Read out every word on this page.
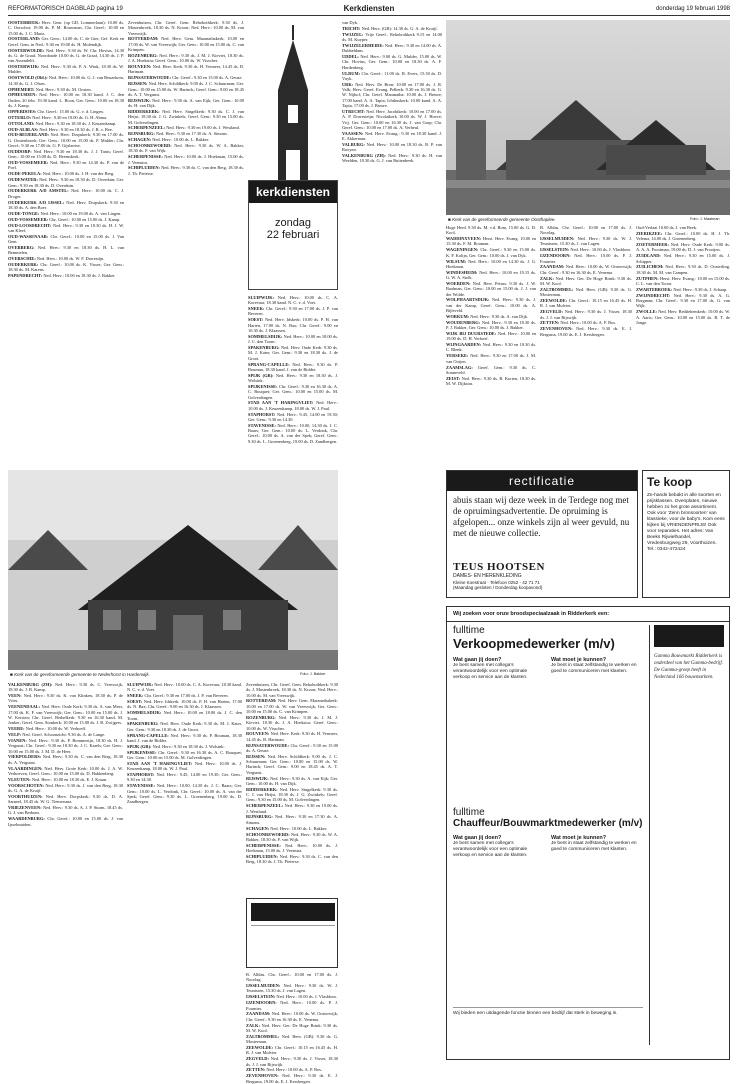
REFORMATORISCH DAGBLAD pagina 19	Kerkdiensten	donderdag 19 februari 1998

OOSTERBEEK: Herv. Gem. (op GD, Lommerlaan): 10.00 ds. C. Oorschot; 19.00 ds. P. M. Bouwman, Chr. Geref.: 10.00 en 15.00 ds. J. C. Maris.

OOSTERLAND: Ger. Gem.: 14.00 ds. C. de Gier, Gef. Kerk en Geref. Gem. in Ned.: 9.30 en 19.00 ds. H. Molendijk.

OOSTERWOLDE: Ned. Herv.: 9.30 ds. W. Chr. Hovius, 14.30 ds. G. de Graaf, Noordoude 10.00 ds. G. de Graaf, 14.30 ds. J. P. van Assendelft.

OOSTERWIJK: Ned. Herv.: 9.30 ds. P. A. Wink, 18.30 ds. W. Mulder.

OOSTWOLD (Old.): Ned. Herv.: 10.00 ds. G. J. van Beuzekom, 14.30 ds. G. J. Olsen.

OPHEMERT: Ned. Herv.: 9.30 ds. M. Oosten.

OPHEUSDEN: Ned. Herv.: 10.00 en 18.30 kand. J. C. den Ouden, 20 febr. 19.30 kand. L. Boon, Ger. Gem.: 10.00 en 18.30 ds. J. Kamp.

OPPERDOES: Chr. Geref.: 15.00 ds. G. v. d. Lingen.

OTTERLO: Ned. Herv.: 9.30 en 19.00 ds. G. H. Abma.

OTTOLAND: Ned. Herv.: 9.30 en 18.30 ds. J. Keuzenkamp.

OUD-ALBLAS: Ned. Herv.: 9.30 en 18.30 ds. J. R. v. Ree.

OUD-BEIJERLAND: Ned. Herv. Dorpskerk: 9.30 en 17.00 ds. G. Oostenbroek; Ger. Gem.: 10.00 en 15.00 ds. P. Mulder; Chr. Geref.: 9.30 en 17.00 ds. G. P. Gijsbertse.

OUDDORP: Ned. Herv.: 9.30 en 18.30 ds. J. J. Tanis; Geref. Gem.: 10.00 en 15.00 ds. D. Heemskerk.

OUD-VOSSEMEER: Ned. Herv.: 9.30 en 14.30 ds. P. van de Poel.

OUDE-PEKELA: Ned. Herv.: 10.00 ds. J. H. van der Berg.

OUDEWATER: Ned. Herv.: 9.30 en 18.30 ds. D. Overduin; Ger. Gem.: 9.30 en 18.30 ds. D. Overduin.

OUDERKERK A/D AMSTEL: Ned. Herv.: 10.00 ds. C. J. Droger.

OUDERKERK A/D IJSSEL: Ned. Herv. Dorpskerk: 9.30 en 18.30 ds. A. den Boer.

OUDE-TONGE: Ned. Herv.: 10.00 en 19.00 ds. A. van Lingen.

OUD-VOSSEMEER: Chr. Geref.: 10.00 en 15.00 ds. J. Kamp.

OUD-LOOSDRECHT: Ned. Herv.: 9.30 en 18.30 ds. H. J. W. van Kleef.

OUD-WASSENAAR: Chr. Geref.: 10.00 en 15.00 ds. J. Van Gent.

OVERBERG: Ned. Herv.: 9.30 en 18.30 ds. H. L. van Bemmelen.

OVERSCHIE: Ned. Herv.: 10.00 ds. W. F. Dorrestijn.

OUDERKERK: Chr. Geref.: 10.00 ds. K. Visser; Ger. Gem.: 18.30 ds. M. Karens.

PAPENDRECHT: Ned. Herv.: 10.00 en 18.30 ds. J. Bakker.

Zevenhuizen, Chr. Geref. Gem. Rehobothkerk: 9.30 ds. J. Mastenbroek, 18.30 ds. N. Kroon; Ned. Herv.: 10.00 ds. M. van Vreeswijk.

ROTTERDAM: Ned. Herv. Gem. Maranathakerk: 10.00 en 17.00 ds. W. van Vreeswijk; Ger. Gem.: 10.00 en 15.00 ds. C. van Krimpen.

ROZENBURG: Ned. Herv.: 9.30 ds. J. M. J. Kieviet, 18.30 ds. J. A. Hoekstra; Geref. Gem.: 10.00 ds. W. Visscher.

ROUVEEN: Ned. Herv. Kerk: 9.30 ds. H. Vermeer, 14.45 ds. B. Hartman.

RIJNSATERWOUDE: Chr. Geref.: 9.30 en 15.00 ds. A. Geuze.

RIJSSEN: Ned. Herv. Schildkerk: 9.00 ds. J. C. Schuurman; Ger. Gem.: 10.00 en 15.00 ds. W. Harinck; Geref. Gem.: 9.00 en 18.45 ds. A. T. Vergunst.

RIJSWIJK: Ned. Herv.: 9.30 ds. A. van Eijk; Ger. Gem.: 10.00 ds. H. van Dijk.

RIDDERKERK: Ned. Herv. Singelkerk: 9.30 ds. C. J. van Heijst, 18.30 ds. J. G. Zwinkels; Geref. Gem.: 9.30 en 15.00 ds. M. Golverdingen.

SCHERPENZEEL: Ned. Herv.: 9.30 en 19.00 ds. J. Westland.

RIJNSBURG: Ned. Herv.: 9.30 en 17.30 ds. A. Simons.

SCHAGEN: Ned. Herv.: 10.00 ds. L. Bakker.

SCHOONREWOERD: Ned. Herv.: 9.30 ds. W. A. Bakker, 18.30 ds. F. van Wijk.

SCHERPENISSE: Ned. Herv.: 10.00 ds. J. Hoekman, 15.00 ds. J. Veenstra.

SCHIPLUIDEN: Ned. Herv.: 9.30 ds. C. van den Berg, 18.30 ds. J. Th. Pieterse.

kerkdiensten
zondag
22 februari

SLUIPWIJK: Ned. Herv.: 10.00 ds. C. A. Korevaar, 18.30 kand. N. C. v. d. Voet.

SNEEK: Chr. Geref.: 9.30 en 17.00 ds. J. P. van Beveren.

SOEST: Ned. Herv. Idskerk: 10.00 ds. P. H. van Harten, 17.00 ds. N. Bax; Chr. Geref.: 9.00 en 16.30 ds. J. Klaassen.

SOMMELSDIJK: Ned. Herv.: 10.00 en 18.00 ds. J. C. den Toom.

SPAKENBURG: Ned. Herv. Oude Kerk: 9.30 ds. M. J. Kater, Ger. Gem.: 9.30 en 18.30 ds. J. de Groot.

SPRANG-CAPELLE: Ned. Herv.: 9.30 ds. P. Bouman, 18.30 kand. J. van de Ridder.

SPIJK (GR): Ned. Herv.: 9.30 en 18.30 ds. J. Wolsink.

SPIJKENISSE: Chr. Geref.: 9.30 en 16.30 ds. A. C. Bouquet; Ger. Gem.: 10.00 en 15.00 ds. M. Golverdingen.

STAD AAN 'T HARINGVLIET: Ned. Herv.: 10.00 ds. J. Keuzenkamp, 18.00 ds. W. J. Paul.

STAPHORST: Ned. Herv.: 9.45, 14.00 en 19.30; Ger. Gem.: 9.30 en 14.30.

STAVENISSE: Ned. Herv.: 10.00, 14.30 ds. J. C. Baars; Ger. Gem.: 10.00 ds. L. Verdonk, Chr. Geref.: 10.00 ds. A. van der Spek; Geref. Gem.: 9.30 ds. L. Groenenberg, 19.00 ds. D. Zandbergen.

van Dyk.

TRICHT: Ned. Herv. (GB): 14.30 ds. G. A. de Kruijf.

TWIJZEL: Vrije Geref.: Rehobothkerk 9.15 en 14.00 ds. M. Kuyper.

TWIJZELERHEIDE: Ned. Herv.: 9.30 en 14.00 ds. A. Dubbeldam.

UDDEL: Ned. Herv.: 9.00 ds. G. Mulder, 15.00 ds. W. Chr. Hovius, Ger. Gem.: 10.00 en 18.30 ds. A. F. Hardenberg.

ULRUM: Chr. Geref.: 11.00 ds. B. Evers, 15.30 ds. D. Vuyk.

URK: Ned. Herv. De Bron: 10.00 en 17.00 ds. J. R. Valk; Herv. Geref. Evang. Pelkerk: 9.30 en 16.30 ds. G. W. Nijhof; Chr. Geref. Maranatha: 10.00 ds. J. Breure, 17.00 kand. A. A. Tapia; Ichthuskerk: 10.00 kand. A. A. Tapia, 17.00 ds. J. Breure.

UTRECHT: Ned. Herv. Jacobikerk: 10.00 en 17.00 ds. A. P. Dorresteijn; Nicolaïkerk 10.00 ds. W. J. Hoeve; Vrij. Ger. Gem.: 10.00 en 16.30 ds. J. van Gurp; Chr. Geref. Gem.: 10.00 en 17.00 ds. A. Verheul.

VAASSEN: Ned. Herv. Evang.: 9.30 en 18.30 kand. J. E. Akkerman.

VALBURG: Ned. Herv.: 10.00 en 18.30 ds. B. P. van Rooyen.

VALKENBURG (ZH): Ned. Herv.: 9.30 ds. H. van Weelden, 18.30 ds. G. J. van Ruitenbeek.

■ Kerk van de gereformeerde gemeente Oosthaplee.	Foto: J. Maatman

Hoge Herd. 9.30 ds. M. v.d. Bom, 15.00 ds. G. D. Kool.

WADDINXVEEN: Herst. Herv. Evang. 10.00 en 15.30 ds. F. M. Bouman.

WAGENINGEN: Chr. Geref.: 9.30 en 15.00 ds. K. F. Kolijn, Ger. Gem.: 10.00 ds. J. van Dyk.

WILSUM: Ned. Herv.: 10.00 en 14.30 ds. J. G. Hoekman.

WINDESHEIM: Ned. Herv.: 10.00 en 19.15 ds. G. W. A. Stolk.

WOERDEN: Ned. Herv. Petrus: 9.30 ds. J. W. Baalman, Ger. Gem.: 10.00 en 15.00 ds. J. J. van der Wolde.

WOLPHAARTSDIJK: Ned. Herv.: 9.30 ds. J. van der Kamp, Geref. Gem.: 10.00 ds. A. Bijleveld.

WORKUM: Ned. Herv.: 9.30 ds. A. van Dijk.

WOUDENBERG: Ned. Herv.: 9.30 en 18.30 ds. P. J. Bakker, Ger. Gem.: 10.00 ds. J. Bakker.

WIJK BIJ DUURSTEDE: Ned. Herv.: 10.00 en 19.00 ds. D. H. Verhoef.

WIJNGAARDEN: Ned. Herv.: 9.30 en 18.30 ds. C. Blenk.

YERSEKE: Ned. Herv.: 9.30 en 17.00 ds. J. M. van Ooijen.

ZAAMSLAG: Geref. Gem.: 9.30 ds. C. Sonneveld.

ZEIST: Ned. Herv.: 9.30 ds. R. Korten, 18.30 ds. M. W. Dijkstra.

B. Alblas. Chr. Geref.: 10.00 en 17.00 ds. J. Noorlag.

IJSSELMUIDEN: Ned. Herv.: 9.30 ds. W. J. Teunissen, 15.30 ds. J. van Lagen.

IJSSELSTEIN: Ned. Herv.: 10.00 ds. J. Vlasblom.

IJZENDOORN: Ned. Herv.: 10.00 ds. P. J. Fournier.

ZAANDAM: Ned. Herv.: 10.00 ds. W. Oosterwijk; Chr. Geref.: 9.30 en 16.30 ds. E. Venema.

ZALK: Ned. Herv. Ger. De Hoge Brink: 9.30 ds. M. W. Kool.

ZALTBOMMEL: Ned. Herv. (GB): 9.30 ds. G. Mosterman.

ZEEWOLDE: Chr. Geref.: 10.15 en 16.45 ds. H. R. J. van Mulvier.

ZEGVELD: Ned. Herv.: 9.30 ds. J. Visser, 18.30 ds. J. J. van Rijswijk.

ZETTEN: Ned. Herv.: 10.00 ds. A. P. Bos.

ZEVENHOVEN: Ned. Herv.: 9.30 ds. E. J. Bergsma, 19.00 ds. E. J. Kersbergen.

Oud-Verlaat 10.00 ds. J. van Beek.

ZIERIKZEE: Chr. Geref.: 10.00 ds. H. J. Th. Velema, 14.00 ds. J. Groenenberg.

ZOETERMEER: Ned. Herv. Oude Kerk: 9.00 ds. A. A. A. Poortman, 19.00 ds. D. J. van Prooijen.

ZUIDLAND: Ned. Herv.: 9.30 en 15.00 ds. J. Schipper.

ZUILICHEM: Ned. Herv.: 9.30 ds. D. Oosterling, 18.30 ds. M. M. van Campen.

ZUTPHEN: Herst. Herv. Evang.: 10.00 en 15.00 ds. C. L. van den Toorn.

ZWARTEBROEK: Ned. Herv.: 9.30 ds. J. Schaap.

ZWIJNDRECHT: Ned. Herv.: 9.30 ds. A. G. Borgman; Chr. Geref.: 9.30 en 17.00 ds. G. van Wijk.

ZWOLLE: Ned. Herv. Bethlehemkerk: 10.00 ds. W. A. Aarts; Ger. Gem.: 10.00 en 15.00 ds. R. T. de Jonge.

■ Kerk van de gereformeerde gemeente te Nederhorst in Harderwijk.	Foto: J. Bakker

VALKENBURG (ZH): Ned. Herv.: 9.30 ds. C. Vreeswijk, 18.30 ds. J. B. Kamp.

VEEN: Ned. Herv.: 9.30 ds. K. van Klinken, 18.30 ds. P. de Vries.

VEENENDAAL: Ned. Herv. Oude Kerk: 9.30 ds. A. van Meer, 17.00 ds. K. F. van Vreeswijk; Ger. Gem.: 10.00 en 15.00 ds. J. W. Kersten; Chr. Geref. Bethelkerk: 9.30 en 16.30 kand. M. Jonker; Geref. Gem. Sionkerk: 10.00 en 15.00 ds. J. B. Zwijgers.

VEERE: Ned. Herv.: 10.00 ds. W. Verhoeff.

VELP: Ned. Geref. Schoonzicht: 9.30 ds. A. de Lange.

VIANEN: Ned. Herv.: 9.30 ds. P. Bommezijn, 18.30 ds. H. J. Vergunst; Chr. Geref.: 9.30 en 18.30 ds. J. C. Karels; Ger. Gem.: 10.00 en 15.00 ds. J. M. D. de Heer.

VIERPOLDERS: Ned. Herv.: 9.30 ds. C. van den Berg, 18.30 ds. A. Vergunst.

VLAARDINGEN: Ned. Herv. Grote Kerk: 10.00 ds. J. A. W. Verhoeven, Geref. Gem.: 10.00 en 15.00 ds. D. Hakkenberg.

VLEUTEN: Ned. Herv.: 10.00 en 18.30 ds. E. J. Kraan.

VOORSCHOTEN: Ned. Herv.: 9.30 ds. J. van den Berg, 18.30 ds. G. A. de Kruijf.

VOORTHUIZEN: Ned. Herv. Dorpskerk: 9.30 ds. D. A. Sarneel, 18.45 ds. W. G. Tiemersma.

VRIEZENVEEN: Ned. Herv.: 9.30 ds. A. J. P. Sturm, 18.45 ds. G. J. van Berkum.

WAARDENBURG: Chr. Geref.: 10.00 en 15.00 ds. J. van Ijsselmuiden.

SLUIPWIJK: Ned. Herv.: 10.00 ds. C. A. Korevaar, 18.30 kand. N. C. v. d. Voet.

SNEEK: Chr. Geref.: 9.30 en 17.00 ds. J. P. van Beveren.

SOEST: Ned. Herv. Idskerk: 10.00 ds. P. H. van Harten, 17.00 ds. N. Bax; Chr. Geref.: 9.00 en 16.30 ds. J. Klaassen.

SOMMELSDIJK: Ned. Herv.: 10.00 en 18.00 ds. J. C. den Toom.

SPAKENBURG: Ned. Herv. Oude Kerk: 9.30 ds. M. J. Kater, Ger. Gem.: 9.30 en 18.30 ds. J. de Groot.

SPRANG-CAPELLE: Ned. Herv.: 9.30 ds. P. Bouman, 18.30 kand. J. van de Ridder.

SPIJK (GR): Ned. Herv.: 9.30 en 18.30 ds. J. Wolsink.

SPIJKENISSE: Chr. Geref.: 9.30 en 16.30 ds. A. C. Bouquet; Ger. Gem.: 10.00 en 15.00 ds. M. Golverdingen.

STAD AAN 'T HARINGVLIET: Ned. Herv.: 10.00 ds. J. Keuzenkamp, 18.00 ds. W. J. Paul.

STAPHORST: Ned. Herv.: 9.45, 14.00 en 19.30; Ger. Gem.: 9.30 en 14.30.

STAVENISSE: Ned. Herv.: 10.00, 14.30 ds. J. C. Baars; Ger. Gem.: 10.00 ds. L. Verdonk, Chr. Geref.: 10.00 ds. A. van der Spek; Geref. Gem.: 9.30 ds. L. Groenenberg, 19.00 ds. D. Zandbergen.

Zevenhuizen, Chr. Geref. Gem. Rehobothkerk: 9.30 ds. J. Mastenbroek, 18.30 ds. N. Kroon; Ned. Herv.: 10.00 ds. M. van Vreeswijk.

ROTTERDAM: Ned. Herv. Gem. Maranathakerk: 10.00 en 17.00 ds. W. van Vreeswijk; Ger. Gem.: 10.00 en 15.00 ds. C. van Krimpen.

ROZENBURG: Ned. Herv.: 9.30 ds. J. M. J. Kieviet, 18.30 ds. J. A. Hoekstra; Geref. Gem.: 10.00 ds. W. Visscher.

ROUVEEN: Ned. Herv. Kerk: 9.30 ds. H. Vermeer, 14.45 ds. B. Hartman.

RIJNSATERWOUDE: Chr. Geref.: 9.30 en 15.00 ds. A. Geuze.

RIJSSEN: Ned. Herv. Schildkerk: 9.00 ds. J. C. Schuurman; Ger. Gem.: 10.00 en 15.00 ds. W. Harinck; Geref. Gem.: 9.00 en 18.45 ds. A. T. Vergunst.

RIJSWIJK: Ned. Herv.: 9.30 ds. A. van Eijk; Ger. Gem.: 10.00 ds. H. van Dijk.

RIDDERKERK: Ned. Herv. Singelkerk: 9.30 ds. C. J. van Heijst, 18.30 ds. J. G. Zwinkels; Geref. Gem.: 9.30 en 15.00 ds. M. Golverdingen.

SCHERPENZEEL: Ned. Herv.: 9.30 en 19.00 ds. J. Westland.

RIJNSBURG: Ned. Herv.: 9.30 en 17.30 ds. A. Simons.

SCHAGEN: Ned. Herv.: 10.00 ds. L. Bakker.

SCHOONREWOERD: Ned. Herv.: 9.30 ds. W. A. Bakker, 18.30 ds. F. van Wijk.

SCHERPENISSE: Ned. Herv.: 10.00 ds. J. Hoekman, 15.00 ds. J. Veenstra.

SCHIPLUIDEN: Ned. Herv.: 9.30 ds. C. van den Berg, 18.30 ds. J. Th. Pieterse.

B. Alblas. Chr. Geref.: 10.00 en 17.00 ds. J. Noorlag.

IJSSELMUIDEN: Ned. Herv.: 9.30 ds. W. J. Teunissen, 15.30 ds. J. van Lagen.

IJSSELSTEIN: Ned. Herv.: 10.00 ds. J. Vlasblom.

IJZENDOORN: Ned. Herv.: 10.00 ds. P. J. Fournier.

ZAANDAM: Ned. Herv.: 10.00 ds. W. Oosterwijk; Chr. Geref.: 9.30 en 16.30 ds. E. Venema.

ZALK: Ned. Herv. Ger. De Hoge Brink: 9.30 ds. M. W. Kool.

ZALTBOMMEL: Ned. Herv. (GB): 9.30 ds. G. Mosterman.

ZEEWOLDE: Chr. Geref.: 10.15 en 16.45 ds. H. R. J. van Mulvier.

ZEGVELD: Ned. Herv.: 9.30 ds. J. Visser, 18.30 ds. J. J. van Rijswijk.

ZETTEN: Ned. Herv.: 10.00 ds. A. P. Bos.

ZEVENHOVEN: Ned. Herv.: 9.30 ds. E. J. Bergsma, 19.00 ds. E. J. Kersbergen.

rectificatie
abuis staan wij deze week in de Terdege nog met de opruimingsadvertentie. De opruiming is afgelopen... onze winkels zijn al weer gevuld, nu met de nieuwe collectie.
TEUS HOOTSEN
DAMES- EN HERENKLEDING
Kleine Koestraat · Telefoon 0252 - 42 71 71
(Maandag gesloten / Donderdag koopavond)
Te koop
Ze-hands bebakt in alle soorten en prijsklassen. Ovenplaten, nieuwe hebben zo het grote assortiment. Ook voor 'Zenn bronsoorten' van klassieke, voor de baby's. Kom eens kijken bij VRIENDENPRIJS! Ook voor reparaties. Het adres: Van Beeks Rijwielhandel, Vredenburgweg 29, Voorthuizen. Tel.: 0342-472424
Wij zoeken voor onze broodspeciaalzaak in Ridderkerk een:
fulltime
Verkoopmedewerker (m/v)
Wat gaan jij doen?
Je bent samen met collega's verantwoordelijk voor een optimale verkoop en service aan de klanten.
Wat moet je kunnen?
Je bent in staat zelfstandig te werken en goed te communiceren met klanten.
fulltime
Chauffeur/Bouwmarktmedewerker (m/v)
Wat gaan jij doen?
Je bent samen met collega's verantwoordelijk voor een optimale verkoop en service aan de klanten.
Wat moet je kunnen?
Je bent in staat zelfstandig te werken en goed te communiceren met klanten.
Wij bieden een uitdagende functie binnen een bedrijf dat sterk in beweging is.
Gamma Bouwmarkt Ridderkerk is onderdeel van het Gamma-bedrijf. De Gamma-groep heeft in Nederland 166 bouwmarkten.
